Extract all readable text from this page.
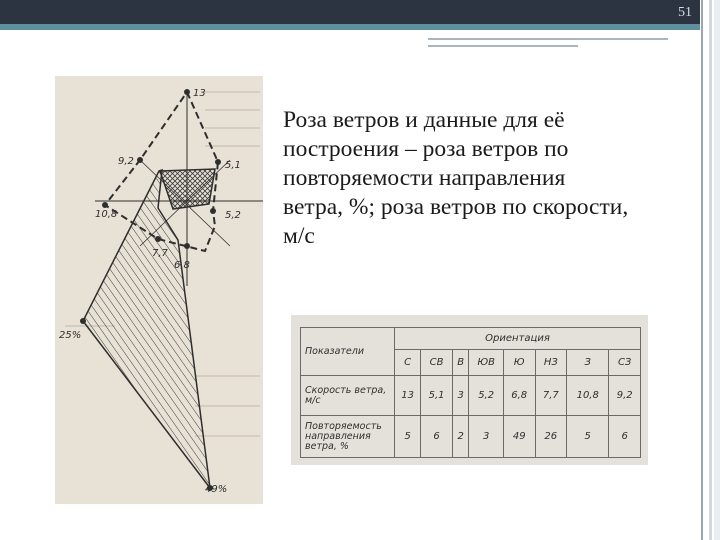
51

Роза ветров и данные для её
построения – роза ветров по
повторяемости направления
ветра, %; роза ветров по скорости,
м/с

13
9,2	5,1
10,8	5,2
7,7
6,8
25%
49%
Показатели	Ориентация							
	С	СВ	В	ЮВ	Ю	НЗ	З	СЗ
Скорость ветра, м/с	13	5,1	3	5,2	6,8	7,7	10,8	9,2
Повторяемость направления ветра, %	5	6	2	3	49	26	5	6
